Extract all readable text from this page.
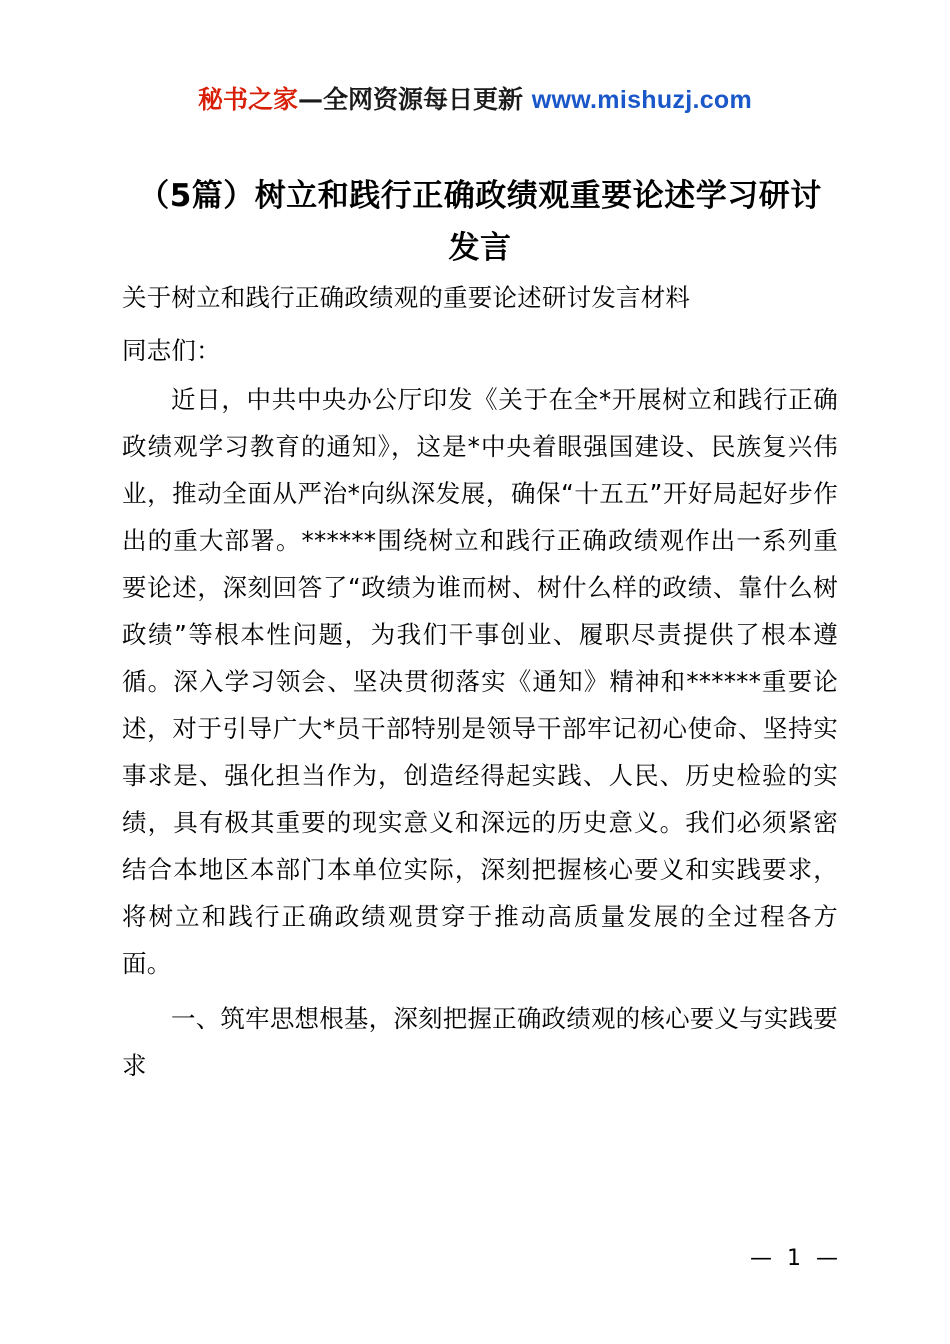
秘书之家—全网资源每日更新 www.mishuzj.com
（5篇）树立和践行正确政绩观重要论述学习研讨发言

关于树立和践行正确政绩观的重要论述研讨发言材料

同志们：

近日，中共中央办公厅印发《关于在全*开展树立和践行正确政绩观学习教育的通知》，这是*中央着眼强国建设、民族复兴伟业，推动全面从严治*向纵深发展，确保“十五五”开好局起好步作出的重大部署。******围绕树立和践行正确政绩观作出一系列重要论述，深刻回答了“政绩为谁而树、树什么样的政绩、靠什么树政绩”等根本性问题，为我们干事创业、履职尽责提供了根本遵循。深入学习领会、坚决贯彻落实《通知》精神和******重要论述，对于引导广大*员干部特别是领导干部牢记初心使命、坚持实事求是、强化担当作为，创造经得起实践、人民、历史检验的实绩，具有极其重要的现实意义和深远的历史意义。我们必须紧密结合本地区本部门本单位实际，深刻把握核心要义和实践要求，将树立和践行正确政绩观贯穿于推动高质量发展的全过程各方面。

一、筑牢思想根基，深刻把握正确政绩观的核心要义与实践要求

— 1 —
